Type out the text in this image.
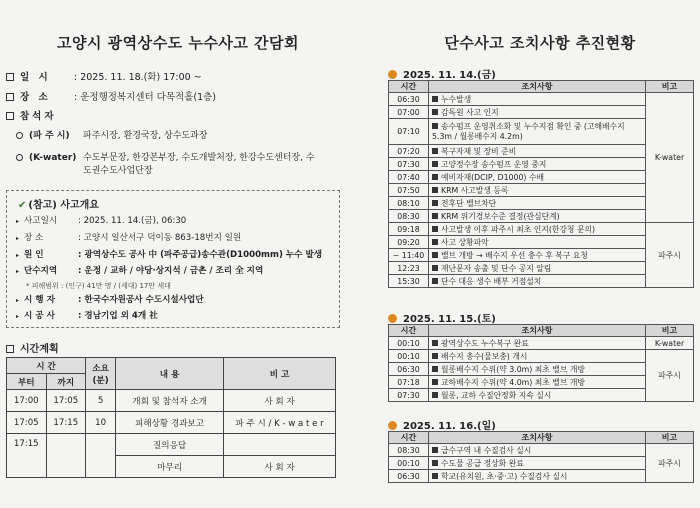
고양시 광역상수도 누수사고 간담회
일 시 : 2025. 11. 18.(화) 17:00 ~
장 소 : 운정행정복지센터 다목적홀(1층)
참석자
(파 주 시) 파주시장, 환경국장, 상수도과장
(K-water) 수도부문장, 한강본부장, 수도개발처장, 한강수도센터장, 수도권수도사업단장
✔ (참고) 사고개요
▸ 사고일시 : 2025. 11. 14.(금), 06:30
▸ 장 소	: 고양시 일산서구 덕이동 863-18번지 일원
▸ 원 인	: 광역상수도 공사 中 (파주공급)송수관(D1000mm) 누수 발생
▸ 단수지역 : 운정 / 교하 / 야당·상지석 / 금촌 / 조리 全 지역
* 피해범위 : (인구) 41만 명 / (세대) 17만 세대
▸ 시 행 자	: 한국수자원공사 수도시설사업단
▸ 시 공 사	: 경남기업 외 4개 社
시간계획
시 간		소요 (분)	내 용	비 고
부터	까지			
17:00	17:05	5	개회 및 참석자 소개	사 회 자
17:05	17:15	10	피해상황 경과보고	파 주 시 / K - w a t e r
17:15			질의응답	
			마무리	사 회 자
단수사고 조치사항 추진현황
2025. 11. 14.(금)
시간	조치사항	비고
06:30	누수발생	K-water
07:00	감독원 사고 인지	
07:10	송수펌프 운영취소화 및 누수지점 확인 중 (고해배수지 5.3m / 월롱배수지 4.2m)	
07:20	복구자재 및 장비 준비	
07:30	고양정수장 송수펌프 운영 중지	
07:40	예비자재(DCIP, D1000) 수배	
07:50	KRM 사고발생 등록	
08:10	전후단 밸브차단	
08:30	KRM 위기경보수준 결정(관심단계)	
09:18	사고발생 이후 파주시 최초 인지(한강청 문의)	파주시
09:20	사고 상황파악	
~ 11:40	밸브 개방 → 배수지 우선 충수 후 복구 요청	
12:23	재난문자 송출 및 단수 공지 알림	
15:30	단수 대응 생수 배부 거점설치	
2025. 11. 15.(토)
시간	조치사항	비고
00:10	광역상수도 누수복구 완료	K-water
00:10	배수지 충수(물보충) 개시	파주시
06:30	월롱배수지 수위(약 3.0m) 최초 밸브 개방	
07:18	교하배수지 수위(약 4.0m) 최초 밸브 개방	
07:30	월롱, 교하 수질안정화 지속 실시	
2025. 11. 16.(일)
시간	조치사항	비고
08:30	급수구역 내 수질검사 실시	파주시
00:10	수도물 공급 정상화 완료	
06:30	학교(유치원, 초·중·고) 수질검사 실시	
